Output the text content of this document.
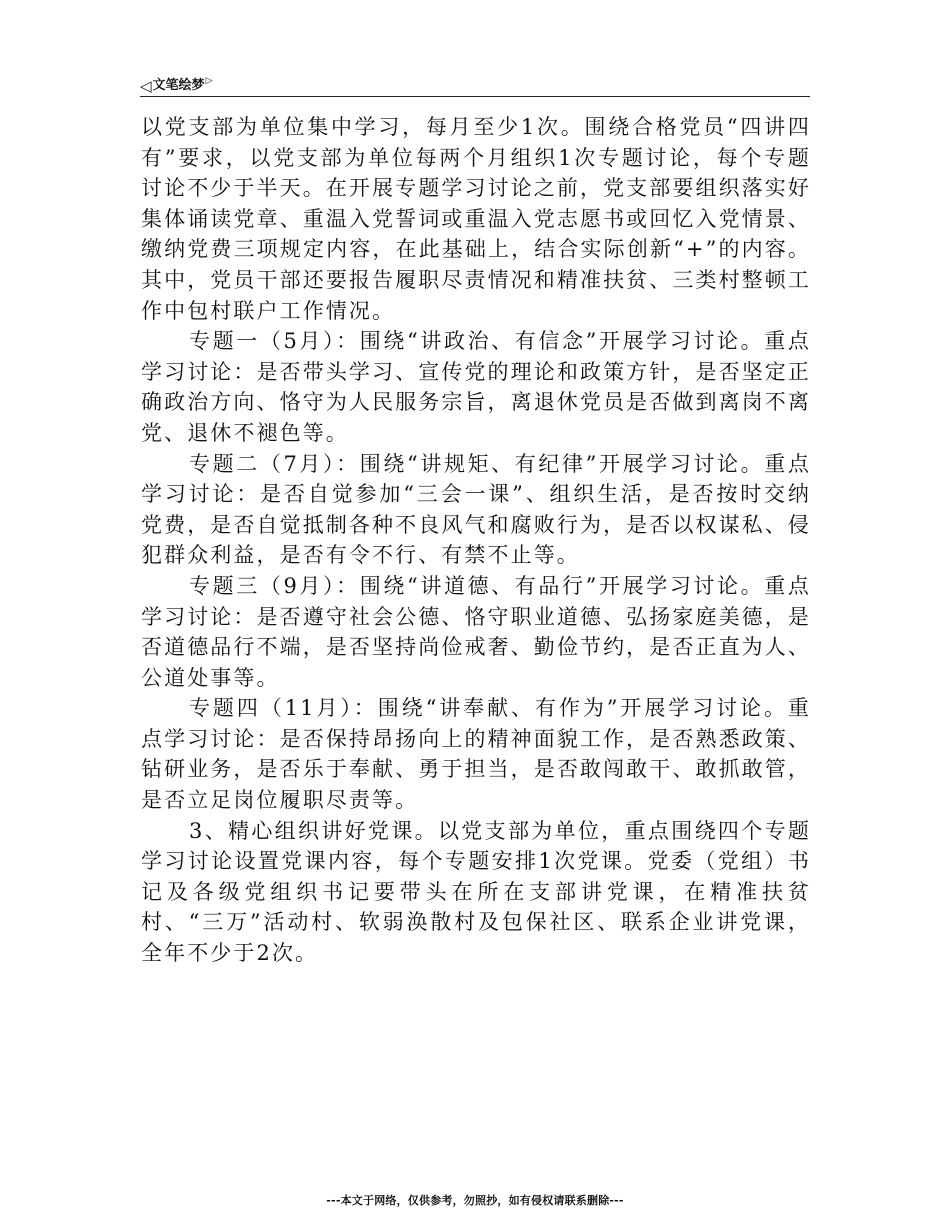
◁ 文笔绘梦 ▷

以党支部为单位集中学习，每月至少1次。围绕合格党员“四讲四有”要求，以党支部为单位每两个月组织1次专题讨论，每个专题讨论不少于半天。在开展专题学习讨论之前，党支部要组织落实好集体诵读党章、重温入党誓词或重温入党志愿书或回忆入党情景、缴纳党费三项规定内容，在此基础上，结合实际创新“+”的内容。其中，党员干部还要报告履职尽责情况和精准扶贫、三类村整顿工作中包村联户工作情况。

专题一（5月）：围绕“讲政治、有信念”开展学习讨论。重点学习讨论：是否带头学习、宣传党的理论和政策方针，是否坚定正确政治方向、恪守为人民服务宗旨，离退休党员是否做到离岗不离党、退休不褪色等。

专题二（7月）：围绕“讲规矩、有纪律”开展学习讨论。重点学习讨论：是否自觉参加“三会一课”、组织生活，是否按时交纳党费，是否自觉抵制各种不良风气和腐败行为，是否以权谋私、侵犯群众利益，是否有令不行、有禁不止等。

专题三（9月）：围绕“讲道德、有品行”开展学习讨论。重点学习讨论：是否遵守社会公德、恪守职业道德、弘扬家庭美德，是否道德品行不端，是否坚持尚俭戒奢、勤俭节约，是否正直为人、公道处事等。

专题四（11月）：围绕“讲奉献、有作为”开展学习讨论。重点学习讨论：是否保持昂扬向上的精神面貌工作，是否熟悉政策、钻研业务，是否乐于奉献、勇于担当，是否敢闯敢干、敢抓敢管，是否立足岗位履职尽责等。

3、精心组织讲好党课。以党支部为单位，重点围绕四个专题学习讨论设置党课内容，每个专题安排1次党课。党委（党组）书记及各级党组织书记要带头在所在支部讲党课，在精准扶贫村、“三万”活动村、软弱涣散村及包保社区、联系企业讲党课，全年不少于2次。

---本文于网络，仅供参考，勿照抄，如有侵权请联系删除---
